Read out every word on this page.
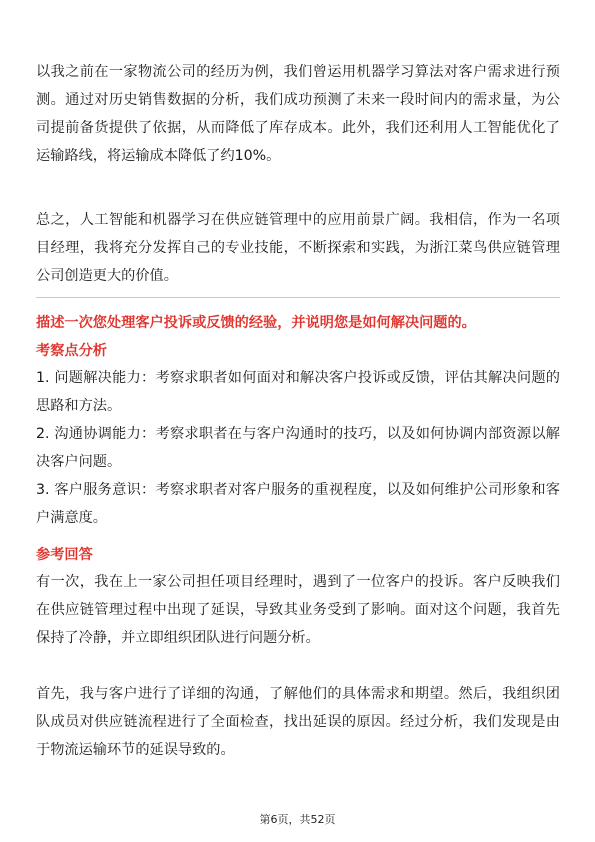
以我之前在一家物流公司的经历为例，我们曾运用机器学习算法对客户需求进行预测。通过对历史销售数据的分析，我们成功预测了未来一段时间内的需求量，为公司提前备货提供了依据，从而降低了库存成本。此外，我们还利用人工智能优化了运输路线，将运输成本降低了约10%。

总之，人工智能和机器学习在供应链管理中的应用前景广阔。我相信，作为一名项目经理，我将充分发挥自己的专业技能，不断探索和实践，为浙江菜鸟供应链管理公司创造更大的价值。

描述一次您处理客户投诉或反馈的经验，并说明您是如何解决问题的。

考察点分析

1. 问题解决能力：考察求职者如何面对和解决客户投诉或反馈，评估其解决问题的思路和方法。

2. 沟通协调能力：考察求职者在与客户沟通时的技巧，以及如何协调内部资源以解决客户问题。

3. 客户服务意识：考察求职者对客户服务的重视程度，以及如何维护公司形象和客户满意度。

参考回答

有一次，我在上一家公司担任项目经理时，遇到了一位客户的投诉。客户反映我们在供应链管理过程中出现了延误，导致其业务受到了影响。面对这个问题，我首先保持了冷静，并立即组织团队进行问题分析。

首先，我与客户进行了详细的沟通，了解他们的具体需求和期望。然后，我组织团队成员对供应链流程进行了全面检查，找出延误的原因。经过分析，我们发现是由于物流运输环节的延误导致的。

第6页，共52页
